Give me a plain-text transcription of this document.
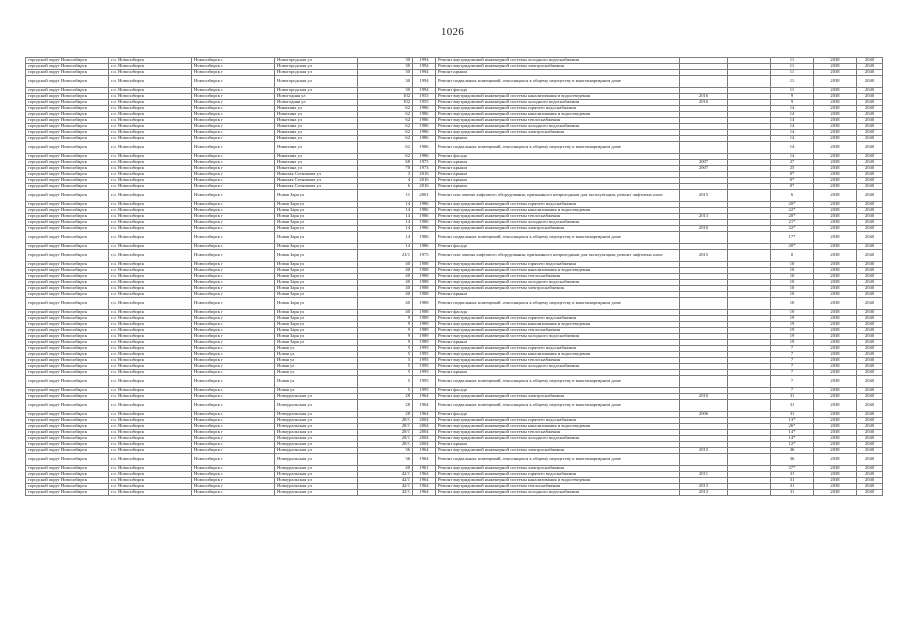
1026
городской округ Новосибирск	г.о. Новосибирск	Новосибирск г	Новогородская ул	30	1994	Ремонт внутридомовой инженерной системы холодного водоснабжения			11	2038	2040
городской округ Новосибирск	г.о. Новосибирск	Новосибирск г	Новогородская ул	30	1994	Ремонт внутридомовой инженерной системы электроснабжения			11	2038	2040
городской округ Новосибирск	г.о. Новосибирск	Новосибирск г	Новогородская ул	30	1994	Ремонт крыши			11	2038	2040
городской округ Новосибирск	г.о. Новосибирск	Новосибирск г	Новогородская ул	30	1994	Ремонт подвальных помещений, относящихся к общему имуществу в многоквартирном доме			11	2038	2040
городской округ Новосибирск	г.о. Новосибирск	Новосибирск г	Новогородская ул	30	1994	Ремонт фасада			11	2038	2040
городской округ Новосибирск	г.о. Новосибирск	Новосибирск г	Новогодняя ул	102	1955	Ремонт внутридомовой инженерной системы канализования и водоотведения	2016		9	2038	2040
городской округ Новосибирск	г.о. Новосибирск	Новосибирск г	Новогодняя ул	102	1955	Ремонт внутридомовой инженерной системы холодного водоснабжения	2016		9	2038	2040
городской округ Новосибирск	г.о. Новосибирск	Новосибирск г	Никитина ул	62	1986	Ремонт внутридомовой инженерной системы горячего водоснабжения			14	2038	2040
городской округ Новосибирск	г.о. Новосибирск	Новосибирск г	Никитина ул	62	1986	Ремонт внутридомовой инженерной системы канализования и водоотведения			14	2038	2040
городской округ Новосибирск	г.о. Новосибирск	Новосибирск г	Никитина ул	62	1986	Ремонт внутридомовой инженерной системы теплоснабжения			14	2038	2040
городской округ Новосибирск	г.о. Новосибирск	Новосибирск г	Никитина ул	62	1986	Ремонт внутридомовой инженерной системы холодного водоснабжения			14	2038	2040
городской округ Новосибирск	г.о. Новосибирск	Новосибирск г	Никитина ул	62	1986	Ремонт внутридомовой инженерной системы электроснабжения			14	2038	2040
городской округ Новосибирск	г.о. Новосибирск	Новосибирск г	Никитина ул	62	1986	Ремонт крыши			14	2038	2040
городской округ Новосибирск	г.о. Новосибирск	Новосибирск г	Никитина ул	62	1986	Ремонт подвальных помещений, относящихся к общему имуществу в многоквартирном доме			14	2038	2040
городской округ Новосибирск	г.о. Новосибирск	Новосибирск г	Никитина ул	62	1986	Ремонт фасада			14	2038	2040
городской округ Новосибирск	г.о. Новосибирск	Новосибирск г	Никитина ул	68	1975	Ремонт крыши	2007		27	2038	2040
городской округ Новосибирск	г.о. Новосибирск	Новосибирск г	Никитина ул	70	1973	Ремонт крыши	2007		25	2038	2040
городской округ Новосибирск	г.о. Новосибирск	Новосибирск г	Николая Сотникова ул	3	2016	Ремонт крыши			0*	2038	2040
городской округ Новосибирск	г.о. Новосибирск	Новосибирск г	Николая Сотникова ул	4	2016	Ремонт крыши			0*	2038	2040
городской округ Новосибирск	г.о. Новосибирск	Новосибирск г	Николая Сотникова ул	6	2016	Ремонт крыши			0*	2038	2040
городской округ Новосибирск	г.о. Новосибирск	Новосибирск г	Новая Заря ул	11	2001	Ремонт или замена лифтового оборудования, признанного непригодным для эксплуатации, ремонт лифтовых шахт	2015		6	2038	2040
городской округ Новосибирск	г.о. Новосибирск	Новосибирск г	Новая Заря ул	14	1986	Ремонт внутридомовой инженерной системы горячего водоснабжения			20*	2038	2040
городской округ Новосибирск	г.о. Новосибирск	Новосибирск г	Новая Заря ул	14	1986	Ремонт внутридомовой инженерной системы канализования и водоотведения			22*	2038	2040
городской округ Новосибирск	г.о. Новосибирск	Новосибирск г	Новая Заря ул	14	1986	Ремонт внутридомовой инженерной системы теплоснабжения	2013		20*	2038	2040
городской округ Новосибирск	г.о. Новосибирск	Новосибирск г	Новая Заря ул	14	1986	Ремонт внутридомовой инженерной системы холодного водоснабжения			21*	2038	2040
городской округ Новосибирск	г.о. Новосибирск	Новосибирск г	Новая Заря ул	14	1986	Ремонт внутридомовой инженерной системы электроснабжения	2010		32*	2038	2040
городской округ Новосибирск	г.о. Новосибирск	Новосибирск г	Новая Заря ул	14	1986	Ремонт подвальных помещений, относящихся к общему имуществу в многоквартирном доме			17*	2038	2040
городской округ Новосибирск	г.о. Новосибирск	Новосибирск г	Новая Заря ул	14	1986	Ремонт фасада			20*	2038	2040
городской округ Новосибирск	г.о. Новосибирск	Новосибирск г	Новая Заря ул	23/1	1975	Ремонт или замена лифтового оборудования, признанного непригодным для эксплуатации, ремонт лифтовых шахт	2015		0	2038	2040
городской округ Новосибирск	г.о. Новосибирск	Новосибирск г	Новая Заря ул	40	1988	Ремонт внутридомовой инженерной системы горячего водоснабжения			10	2038	2040
городской округ Новосибирск	г.о. Новосибирск	Новосибирск г	Новая Заря ул	40	1988	Ремонт внутридомовой инженерной системы канализования и водоотведения			10	2038	2040
городской округ Новосибирск	г.о. Новосибирск	Новосибирск г	Новая Заря ул	40	1988	Ремонт внутридомовой инженерной системы теплоснабжения			10	2038	2040
городской округ Новосибирск	г.о. Новосибирск	Новосибирск г	Новая Заря ул	40	1988	Ремонт внутридомовой инженерной системы холодного водоснабжения			10	2038	2040
городской округ Новосибирск	г.о. Новосибирск	Новосибирск г	Новая Заря ул	40	1988	Ремонт внутридомовой инженерной системы электроснабжения			10	2038	2040
городской округ Новосибирск	г.о. Новосибирск	Новосибирск г	Новая Заря ул	40	1988	Ремонт крыши			10	2038	2040
городской округ Новосибирск	г.о. Новосибирск	Новосибирск г	Новая Заря ул	40	1988	Ремонт подвальных помещений, относящихся к общему имуществу в многоквартирном доме			10	2038	2040
городской округ Новосибирск	г.о. Новосибирск	Новосибирск г	Новая Заря ул	40	1988	Ремонт фасада			10	2038	2040
городской округ Новосибирск	г.о. Новосибирск	Новосибирск г	Новая Заря ул	9	1989	Ремонт внутридомовой инженерной системы горячего водоснабжения			19	2038	2040
городской округ Новосибирск	г.о. Новосибирск	Новосибирск г	Новая Заря ул	9	1989	Ремонт внутридомовой инженерной системы канализования и водоотведения			19	2038	2040
городской округ Новосибирск	г.о. Новосибирск	Новосибирск г	Новая Заря ул	9	1989	Ремонт внутридомовой инженерной системы теплоснабжения			19	2038	2040
городской округ Новосибирск	г.о. Новосибирск	Новосибирск г	Новая Заря ул	9	1989	Ремонт внутридомовой инженерной системы холодного водоснабжения			19	2038	2040
городской округ Новосибирск	г.о. Новосибирск	Новосибирск г	Новая Заря ул	9	1989	Ремонт крыши			19	2038	2040
городской округ Новосибирск	г.о. Новосибирск	Новосибирск г	Новая ул	5	1995	Ремонт внутридомовой инженерной системы горячего водоснабжения			7	2038	2040
городской округ Новосибирск	г.о. Новосибирск	Новосибирск г	Новая ул	5	1995	Ремонт внутридомовой инженерной системы канализования и водоотведения			7	2038	2040
городской округ Новосибирск	г.о. Новосибирск	Новосибирск г	Новая ул	5	1995	Ремонт внутридомовой инженерной системы теплоснабжения			7	2038	2040
городской округ Новосибирск	г.о. Новосибирск	Новосибирск г	Новая ул	5	1995	Ремонт внутридомовой инженерной системы холодного водоснабжения			7	2038	2040
городской округ Новосибирск	г.о. Новосибирск	Новосибирск г	Новая ул	5	1995	Ремонт крыши			7	2038	2040
городской округ Новосибирск	г.о. Новосибирск	Новосибирск г	Новая ул	5	1995	Ремонт подвальных помещений, относящихся к общему имуществу в многоквартирном доме			7	2038	2040
городской округ Новосибирск	г.о. Новосибирск	Новосибирск г	Новая ул	5	1995	Ремонт фасада			7	2038	2040
городской округ Новосибирск	г.о. Новосибирск	Новосибирск г	Новоуральская ул	28	1964	Ремонт внутридомовой инженерной системы электроснабжения	2010		31	2038	2040
городской округ Новосибирск	г.о. Новосибирск	Новосибирск г	Новоуральская ул	28	1964	Ремонт подвальных помещений, относящихся к общему имуществу в многоквартирном доме			31	2038	2040
городской округ Новосибирск	г.о. Новосибирск	Новосибирск г	Новоуральская ул	28	1964	Ремонт фасада	2006		31	2038	2040
городской округ Новосибирск	г.о. Новосибирск	Новосибирск г	Новоуральская ул	28/1	2004	Ремонт внутридомовой инженерной системы горячего водоснабжения			13*	2038	2040
городской округ Новосибирск	г.о. Новосибирск	Новосибирск г	Новоуральская ул	28/1	2004	Ремонт внутридомовой инженерной системы канализования и водоотведения			26*	2038	2040
городской округ Новосибирск	г.о. Новосибирск	Новосибирск г	Новоуральская ул	28/1	2004	Ремонт внутридомовой инженерной системы теплоснабжения			14*	2038	2040
городской округ Новосибирск	г.о. Новосибирск	Новосибирск г	Новоуральская ул	28/1	2004	Ремонт внутридомовой инженерной системы холодного водоснабжения			14*	2038	2040
городской округ Новосибирск	г.о. Новосибирск	Новосибирск г	Новоуральская ул	28/1	2004	Ремонт крыши			12*	2038	2040
городской округ Новосибирск	г.о. Новосибирск	Новосибирск г	Новоуральская ул	36	1964	Ремонт внутридомовой инженерной системы электроснабжения	2013		36	2038	2040
городской округ Новосибирск	г.о. Новосибирск	Новосибирск г	Новоуральская ул	36	1964	Ремонт подвальных помещений, относящихся к общему имуществу в многоквартирном доме			36	2038	2040
городской округ Новосибирск	г.о. Новосибирск	Новосибирск г	Новоуральская ул	40	1961	Ремонт внутридомовой инженерной системы электроснабжения			37*	2038	2040
городской округ Новосибирск	г.о. Новосибирск	Новосибирск г	Новоуральская ул	42/1	1964	Ремонт внутридомовой инженерной системы горячего водоснабжения	2011		31	2038	2040
городской округ Новосибирск	г.о. Новосибирск	Новосибирск г	Новоуральская ул	42/1	1964	Ремонт внутридомовой инженерной системы канализования и водоотведения			31	2038	2040
городской округ Новосибирск	г.о. Новосибирск	Новосибирск г	Новоуральская ул	42/1	1964	Ремонт внутридомовой инженерной системы теплоснабжения	2013		31	2038	2040
городской округ Новосибирск	г.о. Новосибирск	Новосибирск г	Новоуральская ул	42/1	1964	Ремонт внутридомовой инженерной системы холодного водоснабжения	2013		31	2038	2040
